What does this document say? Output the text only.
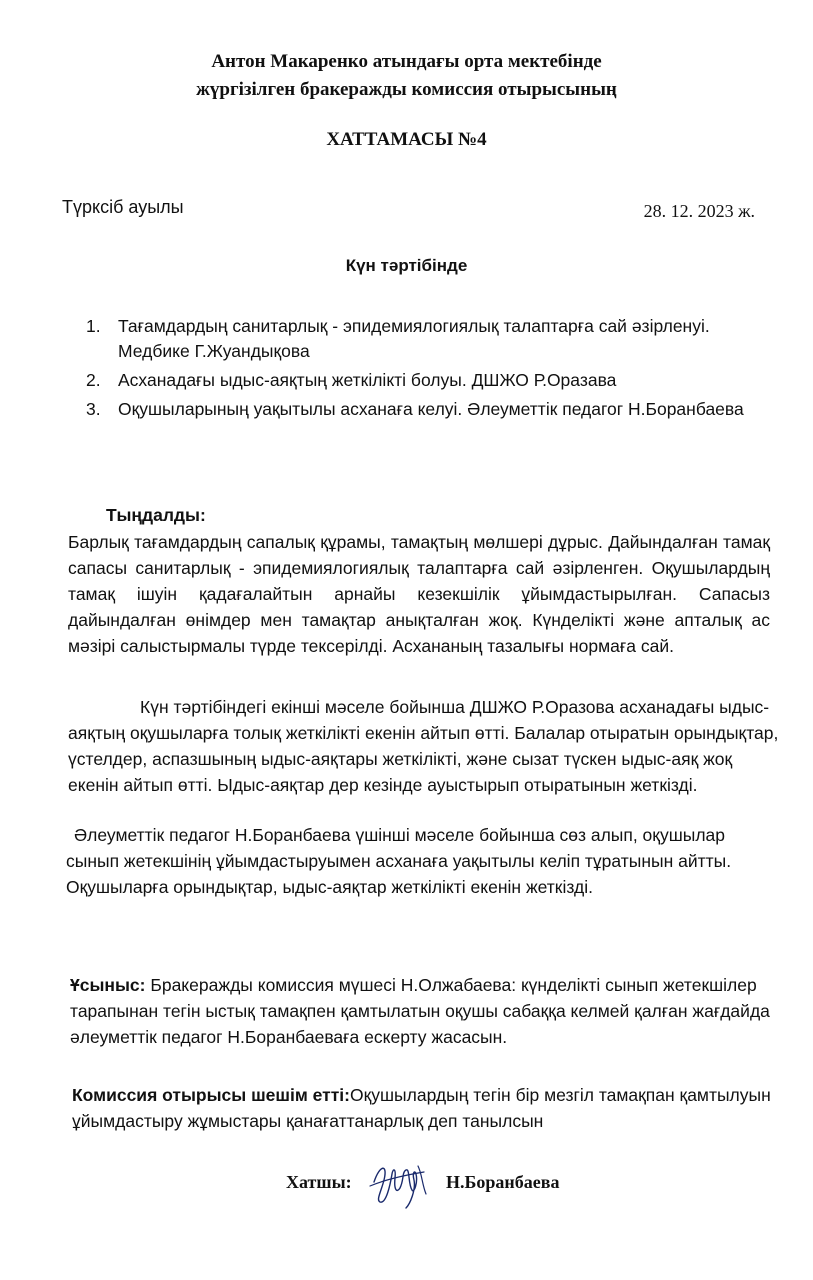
Антон Макаренко атындағы орта мектебінде
жүргізілген бракеражды комиссия отырысының
ХАТТАМАСЫ №4
Түрксіб ауылы	28. 12. 2023 ж.
Күн тәртібінде
1. Тағамдардың санитарлық - эпидемиялогиялық талаптарға сай әзірленуі. Медбике Г.Жуандықова
2. Асханадағы ыдыс-аяқтың жеткілікті болуы. ДШЖО Р.Оразава
3. Оқушыларының уақытылы асханаға келуі. Әлеуметтік педагог Н.Боранбаева
Тыңдалды:

Барлық тағамдардың сапалық құрамы, тамақтың мөлшері дұрыс. Дайындалған тамақ сапасы санитарлық - эпидемиялогиялық талаптарға сай әзірленген. Оқушылардың тамақ ішуін қадағалайтын арнайы кезекшілік ұйымдастырылған. Сапасыз дайындалған өнімдер мен тамақтар анықталған жоқ. Күнделікті және апталық ас мәзірі салыстырмалы түрде тексерілді. Асхананың тазалығы нормаға сай.

Күн тәртібіндегі екінші мәселе бойынша ДШЖО Р.Оразова асханадағы ыдыс-аяқтың оқушыларға толық жеткілікті екенін айтып өтті. Балалар отыратын орындықтар, үстелдер, аспазшының ыдыс-аяқтары жеткілікті, және сызат түскен ыдыс-аяқ жоқ екенін айтып өтті. Ыдыс-аяқтар дер кезінде ауыстырып отыратынын жеткізді.

Әлеуметтік педагог Н.Боранбаева үшінші мәселе бойынша сөз алып, оқушылар сынып жетекшінің ұйымдастыруымен асханаға уақытылы келіп тұратынын айтты. Оқушыларға орындықтар, ыдыс-аяқтар жеткілікті екенін жеткізді.

Ұсыныс: Бракеражды комиссия мүшесі Н.Олжабаева: күнделікті сынып жетекшілер тарапынан тегін ыстық тамақпен қамтылатын оқушы сабаққа келмей қалған жағдайда әлеуметтік педагог Н.Боранбаеваға ескерту жасасын.

Комиссия отырысы шешім етті:Оқушылардың тегін бір мезгіл тамақпан қамтылуын ұйымдастыру жұмыстары қанағаттанарлық деп танылсын

Хатшы:	Н.Боранбаева
